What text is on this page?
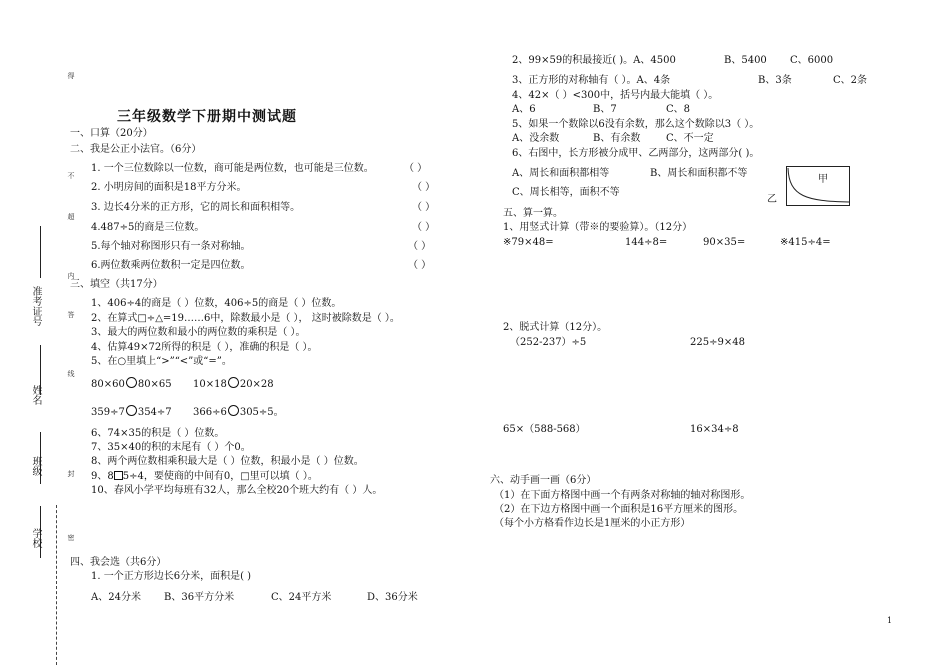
学校
班级
姓名
准考证号
得
不
超
内
答
线
封
密
三年级数学下册期中测试题
一、口算（20分）
二、我是公正小法官。（6分）
1. 一个三位数除以一位数，商可能是两位数，也可能是三位数。	（ ）
2. 小明房间的面积是18平方分米。	（ ）
3. 边长4分米的正方形，它的周长和面积相等。	（ ）
4.487÷5的商是三位数。	（ ）
5.每个轴对称图形只有一条对称轴。	（ ）
6.两位数乘两位数积一定是四位数。	（ ）
三、填空（共17分）
1、406÷4的商是（ ）位数，406÷5的商是（ ）位数。
2、在算式□÷△=19……6中，除数最小是（ ）， 这时被除数是（ ）。
3、最大的两位数和最小的两位数的乘积是（ ）。
4、估算49×72所得的积是（ ），准确的积是（ ）。
5、在○里填上“>”“<”或“=”。
80×60 80×65 10×18 20×28
359÷7 354÷7 366÷6 305÷5。
6、74×35的积是（ ）位数。
7、35×40的积的末尾有（ ）个0。
8、两个两位数相乘积最大是（ ）位数，积最小是（ ）位数。
9、8 5÷4，要使商的中间有0，□里可以填（ ）。
10、春风小学平均每班有32人，那么全校20个班大约有（ ）人。
四、我会选（共6分）
1. 一个正方形边长6分米，面积是( )
A、24分米 B、36平方分米	C、24平方米	D、36分米
2、99×59的积最接近( )。A、4500	B、5400 C、6000
3、正方形的对称轴有（ ）。A、4条	B、3条	C、2条
4、42×（ ）<300中，括号内最大能填（ ）。
A、6	B、7	C、8
5、如果一个数除以6没有余数，那么这个数除以3（ ）。
A、没余数	B、有余数	C、不一定
6、右图中，长方形被分成甲、乙两部分，这两部分( )。
A、周长和面积都相等	B、周长和面积都不等
C、周长相等，面积不等
甲
乙
五、算一算。
1、用竖式计算（带※的要验算）。（12分）
※79×48=	144÷8=	90×35=	※415÷4=
2、脱式计算（12分）。
（252-237）÷5	225÷9×48
65×（588-568）	16×34÷8
六、动手画一画（6分）
（1）在下面方格图中画一个有两条对称轴的轴对称图形。
（2）在下边方格图中画一个面积是16平方厘米的图形。
（每个小方格看作边长是1厘米的小正方形）
1
